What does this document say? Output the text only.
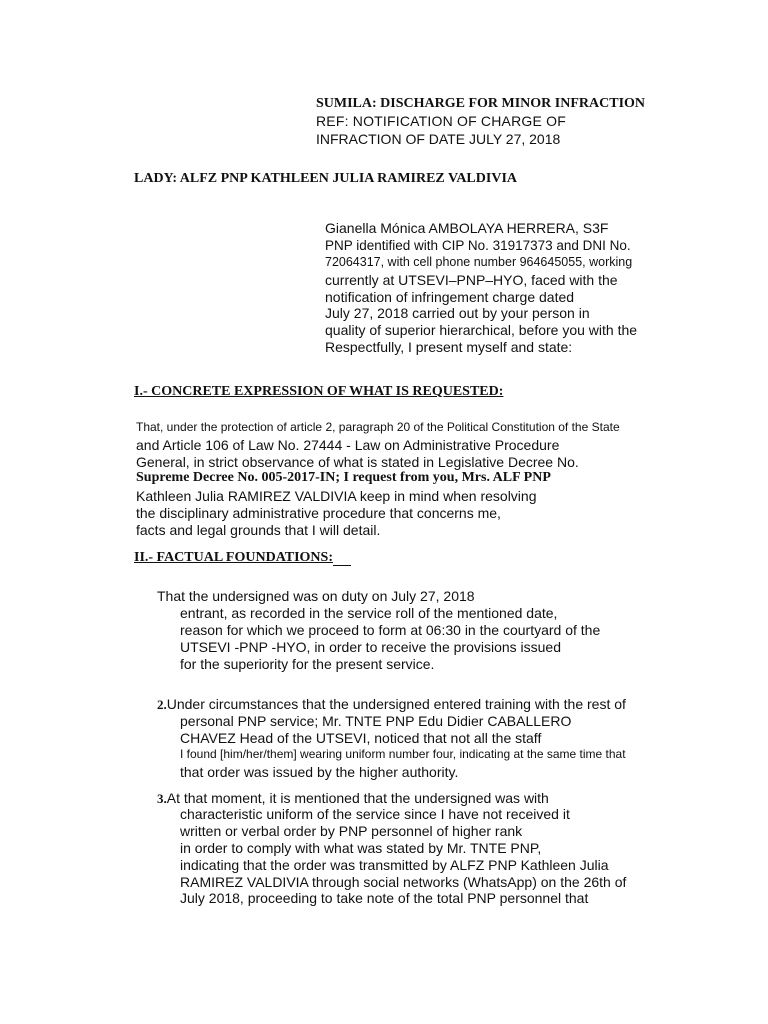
SUMILA: DISCHARGE FOR MINOR INFRACTION
REF: NOTIFICATION OF CHARGE OF
INFRACTION OF DATE JULY 27, 2018
LADY: ALFZ PNP KATHLEEN JULIA RAMIREZ VALDIVIA
Gianella Mónica AMBOLAYA HERRERA, S3F
PNP identified with CIP No. 31917373 and DNI No.
72064317, with cell phone number 964645055, working
currently at UTSEVI–PNP–HYO, faced with the
notification of infringement charge dated
July 27, 2018 carried out by your person in
quality of superior hierarchical, before you with the
Respectfully, I present myself and state:
I.- CONCRETE EXPRESSION OF WHAT IS REQUESTED:
That, under the protection of article 2, paragraph 20 of the Political Constitution of the State
and Article 106 of Law No. 27444 - Law on Administrative Procedure
General, in strict observance of what is stated in Legislative Decree No.
Supreme Decree No. 005-2017-IN; I request from you, Mrs. ALF PNP
Kathleen Julia RAMIREZ VALDIVIA keep in mind when resolving
the disciplinary administrative procedure that concerns me,
facts and legal grounds that I will detail.
II.- FACTUAL FOUNDATIONS:
That the undersigned was on duty on July 27, 2018
entrant, as recorded in the service roll of the mentioned date,
reason for which we proceed to form at 06:30 in the courtyard of the
UTSEVI -PNP -HYO, in order to receive the provisions issued
for the superiority for the present service.
2.Under circumstances that the undersigned entered training with the rest of
personal PNP service; Mr. TNTE PNP Edu Didier CABALLERO
CHAVEZ Head of the UTSEVI, noticed that not all the staff
I found [him/her/them] wearing uniform number four, indicating at the same time that
that order was issued by the higher authority.
3.At that moment, it is mentioned that the undersigned was with
characteristic uniform of the service since I have not received it
written or verbal order by PNP personnel of higher rank
in order to comply with what was stated by Mr. TNTE PNP,
indicating that the order was transmitted by ALFZ PNP Kathleen Julia
RAMIREZ VALDIVIA through social networks (WhatsApp) on the 26th of
July 2018, proceeding to take note of the total PNP personnel that
